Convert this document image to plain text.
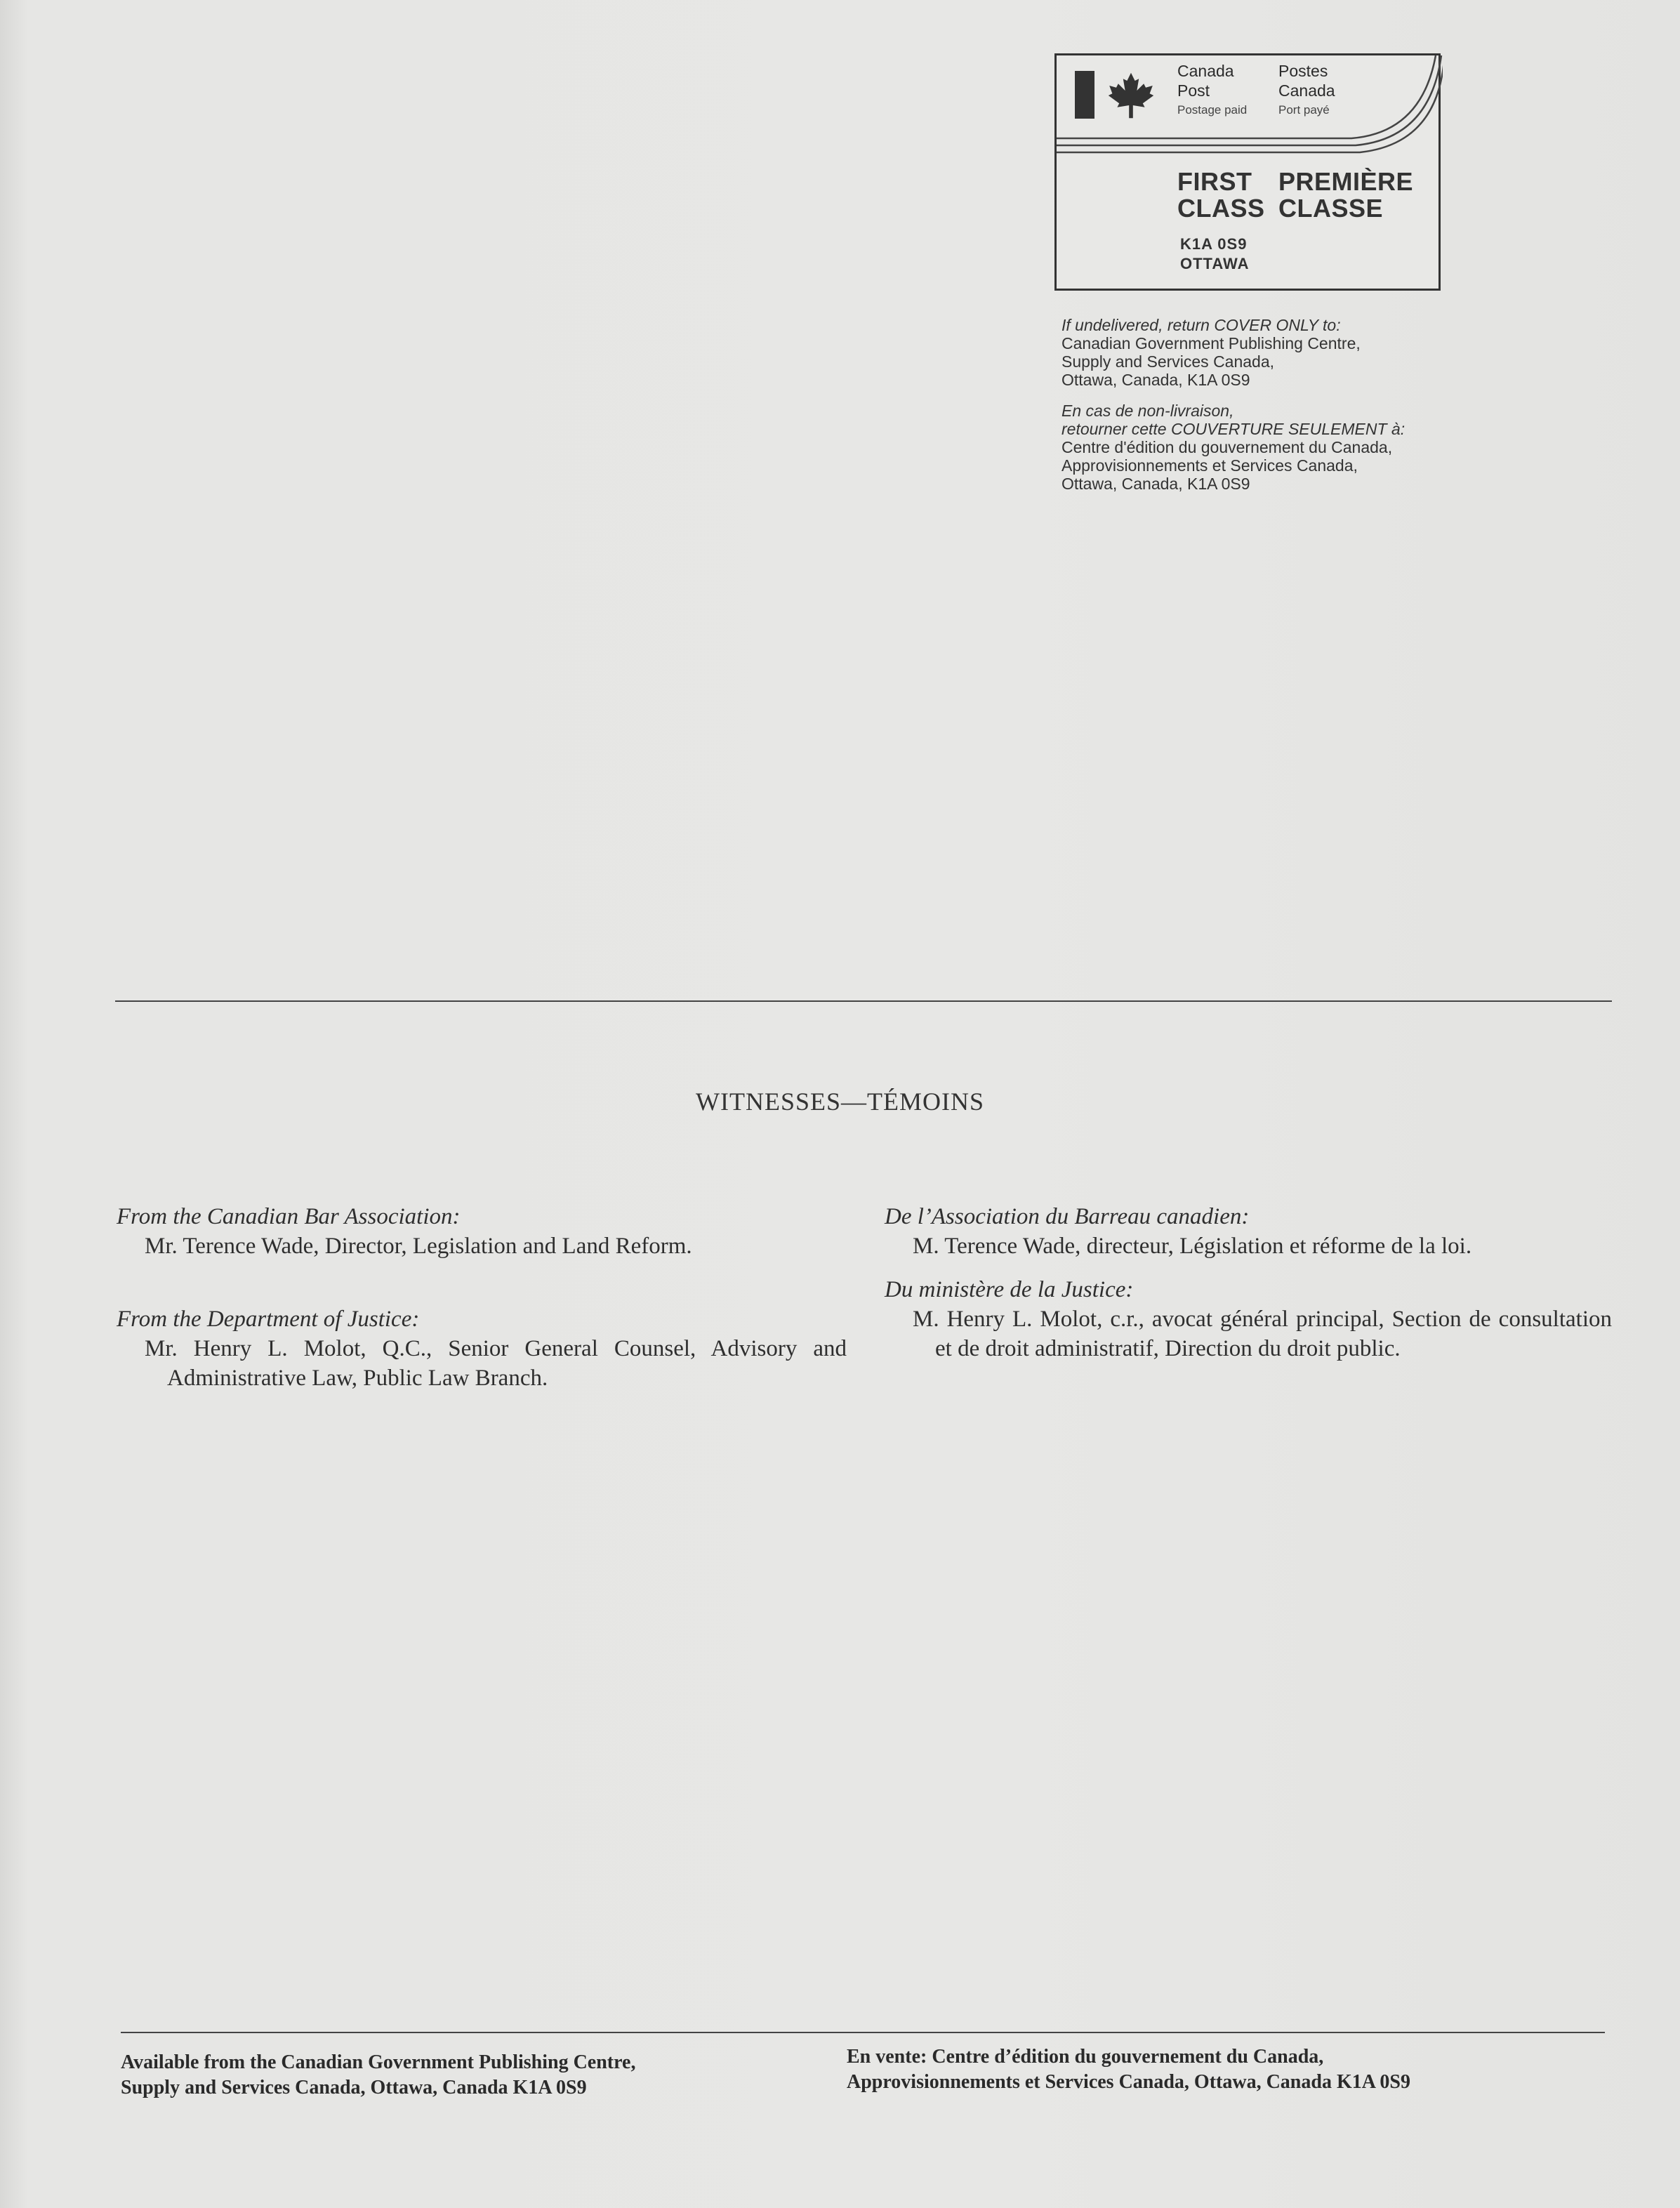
Canada
Post
Postage paid
Postes
Canada
Port payé
FIRST PREMIÈRE
CLASS CLASSE
K1A 0S9
OTTAWA
If undelivered, return COVER ONLY to:
Canadian Government Publishing Centre,
Supply and Services Canada,
Ottawa, Canada, K1A 0S9
En cas de non-livraison,
retourner cette COUVERTURE SEULEMENT à:
Centre d'édition du gouvernement du Canada,
Approvisionnements et Services Canada,
Ottawa, Canada, K1A 0S9
WITNESSES—TÉMOINS
From the Canadian Bar Association:
Mr. Terence Wade, Director, Legislation and Land Reform.
From the Department of Justice:
Mr. Henry L. Molot, Q.C., Senior General Counsel, Advisory and Administrative Law, Public Law Branch.
De l’Association du Barreau canadien:
M. Terence Wade, directeur, Législation et réforme de la loi.
Du ministère de la Justice:
M. Henry L. Molot, c.r., avocat général principal, Section de consultation et de droit administratif, Direction du droit public.
Available from the Canadian Government Publishing Centre,
Supply and Services Canada, Ottawa, Canada K1A 0S9
En vente: Centre d’édition du gouvernement du Canada,
Approvisionnements et Services Canada, Ottawa, Canada K1A 0S9
